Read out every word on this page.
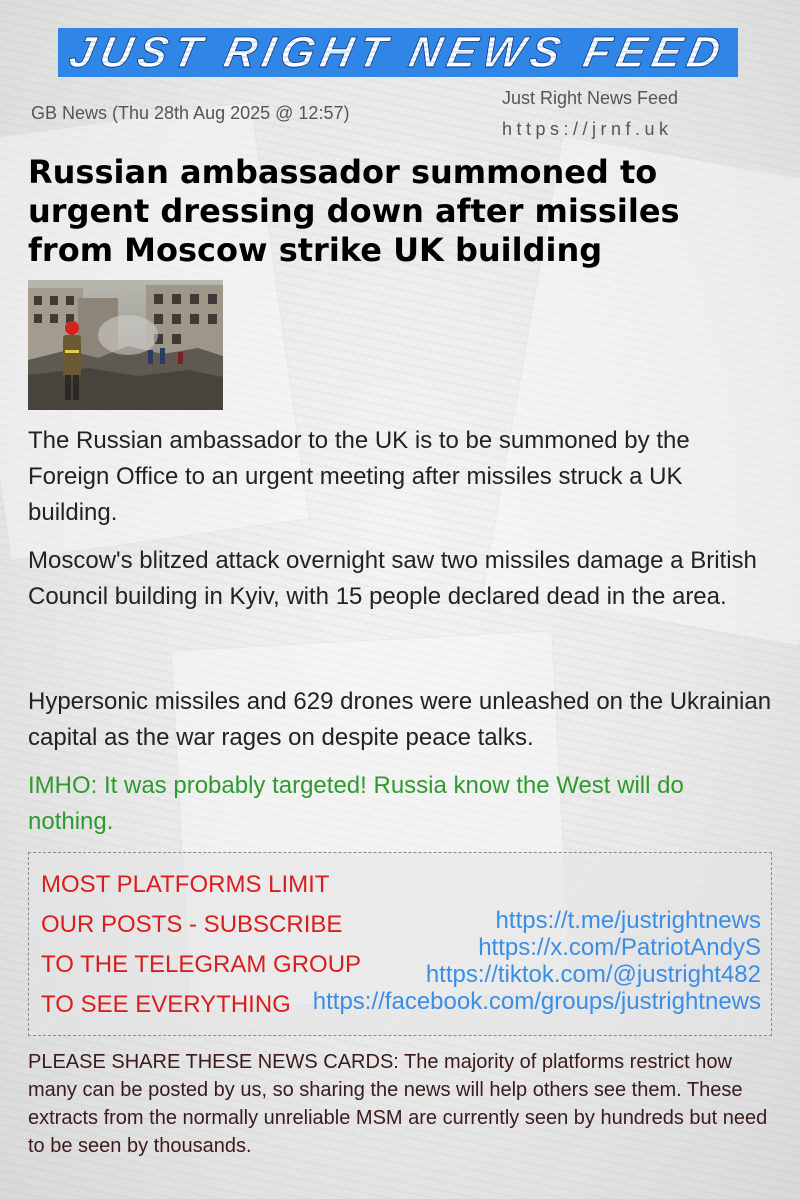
JUST RIGHT NEWS FEED
GB News (Thu 28th Aug 2025 @ 12:57)
Just Right News Feed
https://jrnf.uk
Russian ambassador summoned to urgent dressing down after missiles from Moscow strike UK building

The Russian ambassador to the UK is to be summoned by the Foreign Office to an urgent meeting after missiles struck a UK building.

Moscow's blitzed attack overnight saw two missiles damage a British Council building in Kyiv, with 15 people declared dead in the area.

Hypersonic missiles and 629 drones were unleashed on the Ukrainian capital as the war rages on despite peace talks.

IMHO: It was probably targeted! Russia know the West will do nothing.

MOST PLATFORMS LIMIT
OUR POSTS - SUBSCRIBE
TO THE TELEGRAM GROUP
TO SEE EVERYTHING
https://t.me/justrightnews
https://x.com/PatriotAndyS
https://tiktok.com/@justright482
https://facebook.com/groups/justrightnews

PLEASE SHARE THESE NEWS CARDS: The majority of platforms restrict how many can be posted by us, so sharing the news will help others see them. These extracts from the normally unreliable MSM are currently seen by hundreds but need to be seen by thousands.
